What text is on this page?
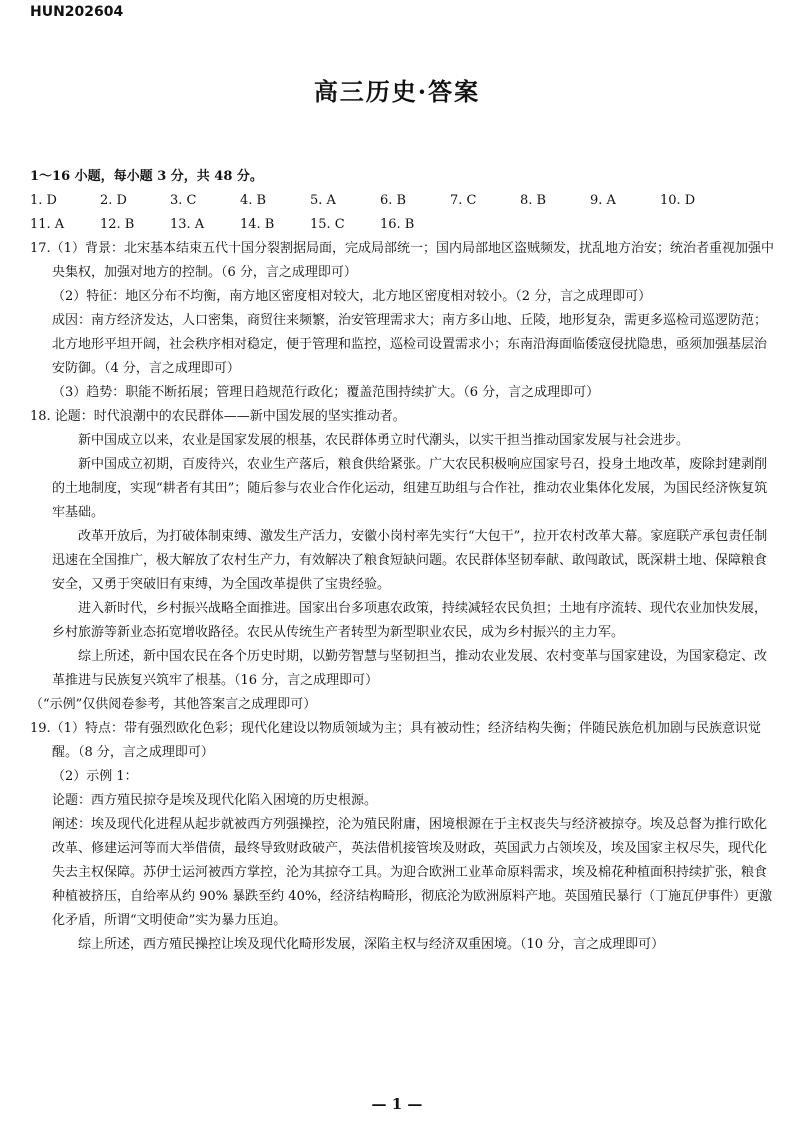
HUN202604
高三历史·答案

1～16 小题，每小题 3 分，共 48 分。

1. D	2. D	3. C	4. B	5. A	6. B	7. C	8. B	9. A	10. D
11. A	12. B	13. A	14. B	15. C	16. B

17.（1）背景：北宋基本结束五代十国分裂割据局面，完成局部统一；国内局部地区盗贼频发，扰乱地方治安；统治者重视加强中央集权，加强对地方的控制。（6 分，言之成理即可）

（2）特征：地区分布不均衡，南方地区密度相对较大，北方地区密度相对较小。（2 分，言之成理即可）

成因：南方经济发达，人口密集，商贸往来频繁，治安管理需求大；南方多山地、丘陵，地形复杂，需更多巡检司巡逻防范；北方地形平坦开阔，社会秩序相对稳定，便于管理和监控，巡检司设置需求小；东南沿海面临倭寇侵扰隐患，亟须加强基层治安防御。（4 分，言之成理即可）

（3）趋势：职能不断拓展；管理日趋规范行政化；覆盖范围持续扩大。（6 分，言之成理即可）

18. 论题：时代浪潮中的农民群体——新中国发展的坚实推动者。

新中国成立以来，农业是国家发展的根基，农民群体勇立时代潮头，以实干担当推动国家发展与社会进步。

新中国成立初期，百废待兴，农业生产落后，粮食供给紧张。广大农民积极响应国家号召，投身土地改革，废除封建剥削的土地制度，实现“耕者有其田”；随后参与农业合作化运动，组建互助组与合作社，推动农业集体化发展，为国民经济恢复筑牢基础。

改革开放后，为打破体制束缚、激发生产活力，安徽小岗村率先实行“大包干”，拉开农村改革大幕。家庭联产承包责任制迅速在全国推广，极大解放了农村生产力，有效解决了粮食短缺问题。农民群体坚韧奉献、敢闯敢试，既深耕土地、保障粮食安全，又勇于突破旧有束缚，为全国改革提供了宝贵经验。

进入新时代，乡村振兴战略全面推进。国家出台多项惠农政策，持续减轻农民负担；土地有序流转、现代农业加快发展，乡村旅游等新业态拓宽增收路径。农民从传统生产者转型为新型职业农民，成为乡村振兴的主力军。

综上所述，新中国农民在各个历史时期，以勤劳智慧与坚韧担当，推动农业发展、农村变革与国家建设，为国家稳定、改革推进与民族复兴筑牢了根基。（16 分，言之成理即可）

（“示例”仅供阅卷参考，其他答案言之成理即可）

19.（1）特点：带有强烈欧化色彩；现代化建设以物质领域为主；具有被动性；经济结构失衡；伴随民族危机加剧与民族意识觉醒。（8 分，言之成理即可）

（2）示例 1：

论题：西方殖民掠夺是埃及现代化陷入困境的历史根源。

阐述：埃及现代化进程从起步就被西方列强操控，沦为殖民附庸，困境根源在于主权丧失与经济被掠夺。埃及总督为推行欧化改革、修建运河等而大举借债，最终导致财政破产，英法借机接管埃及财政，英国武力占领埃及，埃及国家主权尽失，现代化失去主权保障。苏伊士运河被西方掌控，沦为其掠夺工具。为迎合欧洲工业革命原料需求，埃及棉花种植面积持续扩张，粮食种植被挤压，自给率从约 90% 暴跌至约 40%，经济结构畸形，彻底沦为欧洲原料产地。英国殖民暴行（丁施瓦伊事件）更激化矛盾，所谓“文明使命”实为暴力压迫。

综上所述，西方殖民操控让埃及现代化畸形发展，深陷主权与经济双重困境。（10 分，言之成理即可）

— 1 —
